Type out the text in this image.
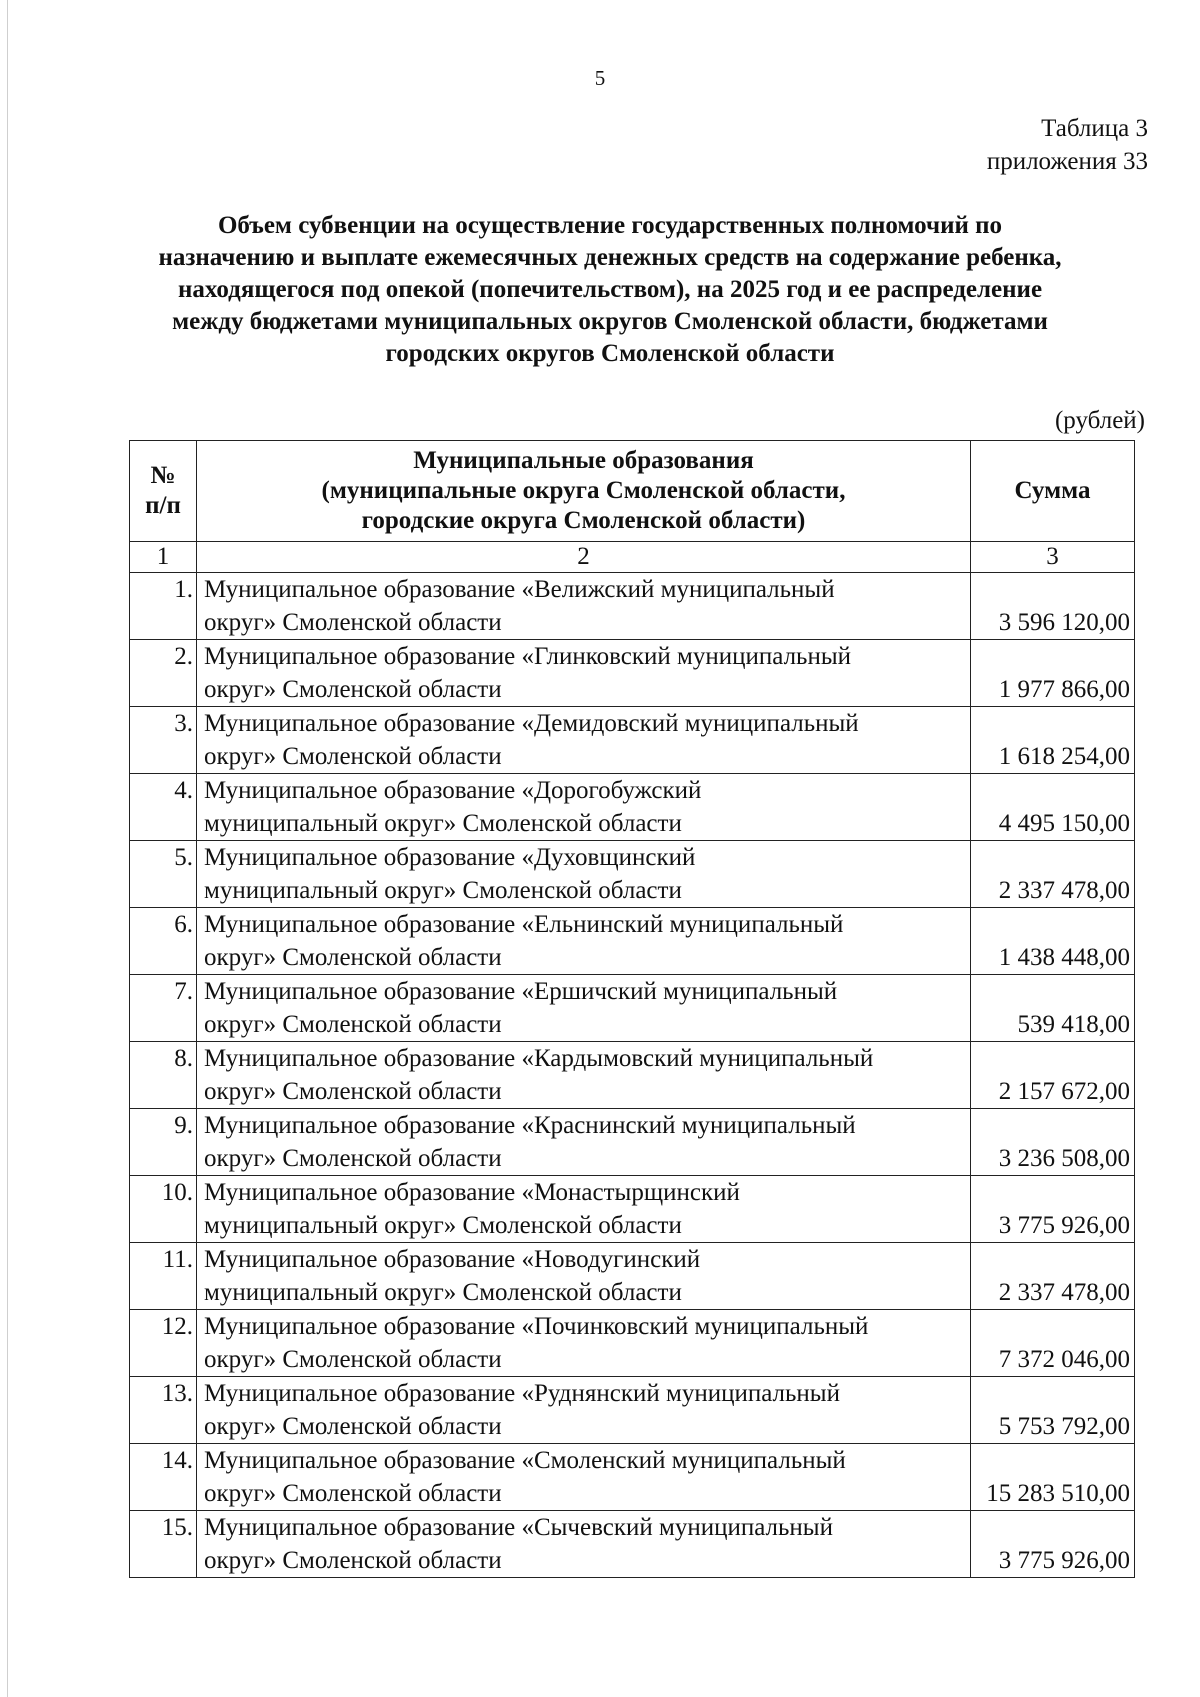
5
Таблица 3
приложения 33
Объем субвенции на осуществление государственных полномочий по
назначению и выплате ежемесячных денежных средств на содержание ребенка,
находящегося под опекой (попечительством), на 2025 год и ее распределение
между бюджетами муниципальных округов Смоленской области, бюджетами
городских округов Смоленской области
(рублей)
№
п/п	Муниципальные образования
(муниципальные округа Смоленской области,
городские округа Смоленской области)	Сумма
1	2	3
1.	Муниципальное образование «Велижский муниципальный
округ» Смоленской области	3 596 120,00
2.	Муниципальное образование «Глинковский муниципальный
округ» Смоленской области	1 977 866,00
3.	Муниципальное образование «Демидовский муниципальный
округ» Смоленской области	1 618 254,00
4.	Муниципальное образование «Дорогобужский
муниципальный округ» Смоленской области	4 495 150,00
5.	Муниципальное образование «Духовщинский
муниципальный округ» Смоленской области	2 337 478,00
6.	Муниципальное образование «Ельнинский муниципальный
округ» Смоленской области	1 438 448,00
7.	Муниципальное образование «Ершичский муниципальный
округ» Смоленской области	539 418,00
8.	Муниципальное образование «Кардымовский муниципальный
округ» Смоленской области	2 157 672,00
9.	Муниципальное образование «Краснинский муниципальный
округ» Смоленской области	3 236 508,00
10.	Муниципальное образование «Монастырщинский
муниципальный округ» Смоленской области	3 775 926,00
11.	Муниципальное образование «Новодугинский
муниципальный округ» Смоленской области	2 337 478,00
12.	Муниципальное образование «Починковский муниципальный
округ» Смоленской области	7 372 046,00
13.	Муниципальное образование «Руднянский муниципальный
округ» Смоленской области	5 753 792,00
14.	Муниципальное образование «Смоленский муниципальный
округ» Смоленской области	15 283 510,00
15.	Муниципальное образование «Сычевский муниципальный
округ» Смоленской области	3 775 926,00
